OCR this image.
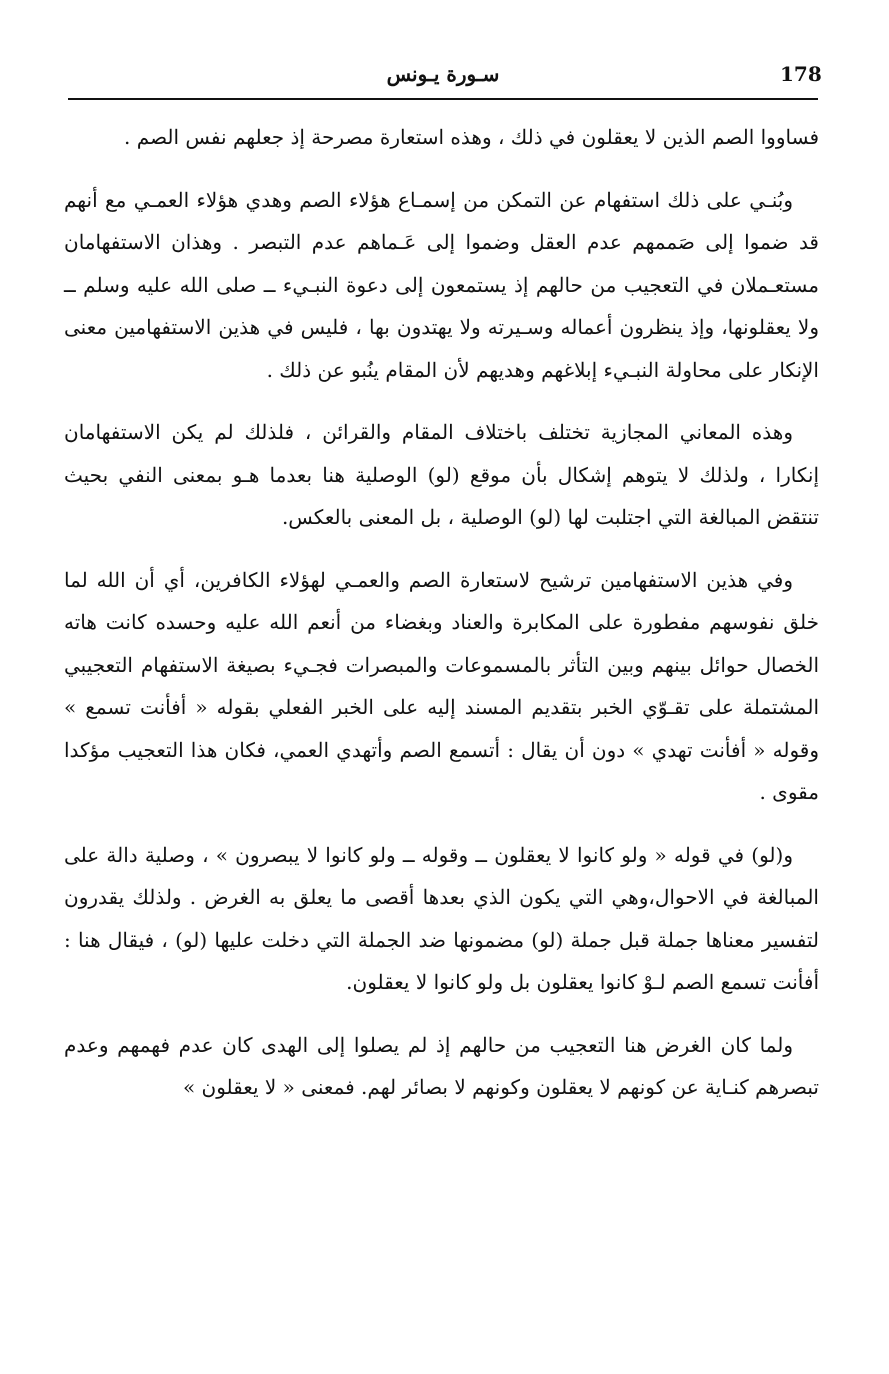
178
سـورة يـونس

فساووا الصم الذين لا يعقلون في ذلك ، وهذه استعارة مصرحة إذ جعلهم نفس الصم .

وبُنـي على ذلك استفهام عن التمكن من إسمـاع هؤلاء الصم وهدي هؤلاء العمـي مع أنهم قد ضموا إلى صَممهم عدم العقل وضموا إلى عَـماهم عدم التبصر . وهذان الاستفهامان مستعـملان في التعجيب من حالهم إذ يستمعون إلى دعوة النبـيء ــ صلى الله عليه وسلم ــ ولا يعقلونها، وإذ ينظرون أعماله وسـيرته ولا يهتدون بها ، فليس في هذين الاستفهامين معنى الإنكار على محاولة النبـيء إبلاغهم وهديهم لأن المقام ينُبو عن ذلك .

وهذه المعاني المجازية تختلف باختلاف المقام والقرائن ، فلذلك لم يكن الاستفهامان إنكارا ، ولذلك لا يتوهم إشكال بأن موقع (لو) الوصلية هنا بعدما هـو بمعنى النفي بحيث تنتقض المبالغة التي اجتلبت لها (لو) الوصلية ، بل المعنى بالعكس.

وفي هذين الاستفهامين ترشيح لاستعارة الصم والعمـي لهؤلاء الكافرين، أي أن الله لما خلق نفوسهم مفطورة على المكابرة والعناد وبغضاء من أنعم الله عليه وحسده كانت هاته الخصال حوائل بينهم وبين التأثر بالمسموعات والمبصرات فجـيء بصيغة الاستفهام التعجيبي المشتملة على تقـوّي الخبر بتقديم المسند إليه على الخبر الفعلي بقوله « أفأنت تسمع » وقوله « أفأنت تهدي » دون أن يقال : أتسمع الصم وأتهدي العمي، فكان هذا التعجيب مؤكدا مقوى .

و(لو) في قوله « ولو كانوا لا يعقلون ــ وقوله ــ ولو كانوا لا يبصرون » ، وصلية دالة على المبالغة في الاحوال،وهي التي يكون الذي بعدها أقصى ما يعلق به الغرض . ولذلك يقدرون لتفسير معناها جملة قبل جملة (لو) مضمونها ضد الجملة التي دخلت عليها (لو) ، فيقال هنا : أفأنت تسمع الصم لـوْ كانوا يعقلون بل ولو كانوا لا يعقلون.

ولما كان الغرض هنا التعجيب من حالهم إذ لم يصلوا إلى الهدى كان عدم فهمهم وعدم تبصرهم كنـاية عن كونهم لا يعقلون وكونهم لا بصائر لهم. فمعنى « لا يعقلون »
